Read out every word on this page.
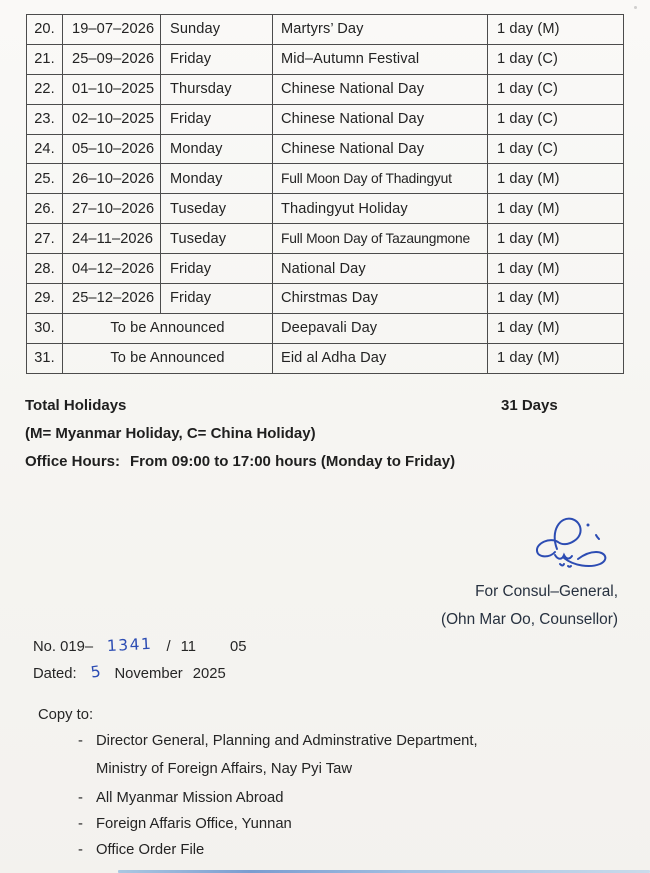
20.	19–07–2026	Sunday	Martyrs’ Day	1 day (M)
21.	25–09–2026	Friday	Mid–Autumn Festival	1 day (C)
22.	01–10–2025	Thursday	Chinese National Day	1 day (C)
23.	02–10–2025	Friday	Chinese National Day	1 day (C)
24.	05–10–2026	Monday	Chinese National Day	1 day (C)
25.	26–10–2026	Monday	Full Moon Day of Thadingyut	1 day (M)
26.	27–10–2026	Tuseday	Thadingyut Holiday	1 day (M)
27.	24–11–2026	Tuseday	Full Moon Day of Tazaungmone	1 day (M)
28.	04–12–2026	Friday	National Day	1 day (M)
29.	25–12–2026	Friday	Chirstmas Day	1 day (M)
30.	To be Announced		Deepavali Day	1 day (M)
31.	To be Announced		Eid al Adha Day	1 day (M)
Total Holidays	31 Days
(M= Myanmar Holiday, C= China Holiday)
Office Hours: From 09:00 to 17:00 hours (Monday to Friday)
For Consul–General,
(Ohn Mar Oo, Counsellor)
No. 019– 1341 / 11 05
Dated: 5 November 2025
Copy to:
- Director General, Planning and Adminstrative Department,
Ministry of Foreign Affairs, Nay Pyi Taw
- All Myanmar Mission Abroad
- Foreign Affaris Office, Yunnan
- Office Order File
